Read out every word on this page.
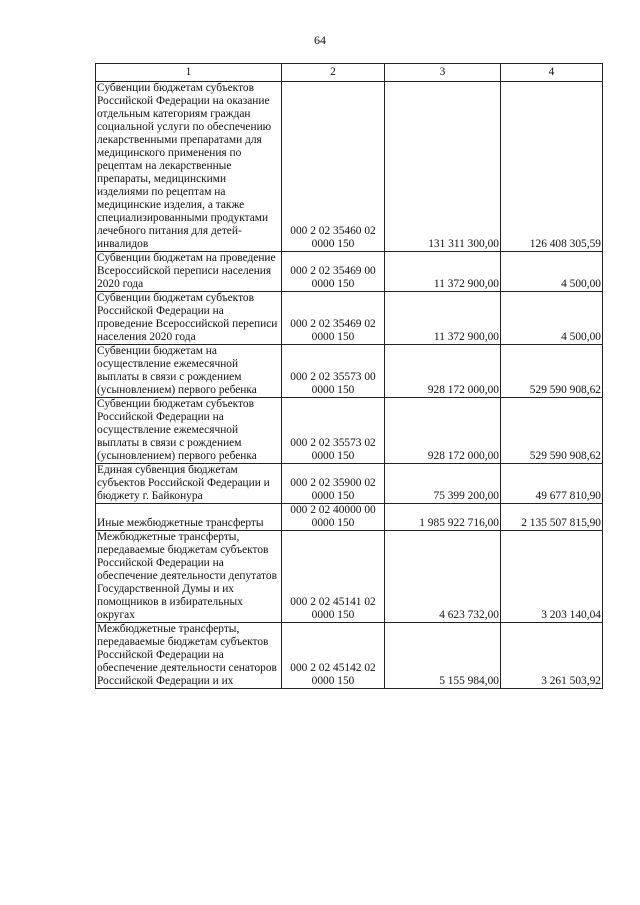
64
1	2	3	4
Субвенции бюджетам субъектов Российской Федерации на оказание отдельным категориям граждан социальной услуги по обеспечению лекарственными препаратами для медицинского применения по рецептам на лекарственные препараты, медицинскими изделиями по рецептам на медицинские изделия, а также специализированными продуктами лечебного питания для детей-инвалидов	000 2 02 35460 02 0000 150	131 311 300,00	126 408 305,59
Субвенции бюджетам на проведение Всероссийской переписи населения 2020 года	000 2 02 35469 00 0000 150	11 372 900,00	4 500,00
Субвенции бюджетам субъектов Российской Федерации на проведение Всероссийской переписи населения 2020 года	000 2 02 35469 02 0000 150	11 372 900,00	4 500,00
Субвенции бюджетам на осуществление ежемесячной выплаты в связи с рождением (усыновлением) первого ребенка	000 2 02 35573 00 0000 150	928 172 000,00	529 590 908,62
Субвенции бюджетам субъектов Российской Федерации на осуществление ежемесячной выплаты в связи с рождением (усыновлением) первого ребенка	000 2 02 35573 02 0000 150	928 172 000,00	529 590 908,62
Единая субвенция бюджетам субъектов Российской Федерации и бюджету г. Байконура	000 2 02 35900 02 0000 150	75 399 200,00	49 677 810,90
Иные межбюджетные трансферты	000 2 02 40000 00 0000 150	1 985 922 716,00	2 135 507 815,90
Межбюджетные трансферты, передаваемые бюджетам субъектов Российской Федерации на обеспечение деятельности депутатов Государственной Думы и их помощников в избирательных округах	000 2 02 45141 02 0000 150	4 623 732,00	3 203 140,04
Межбюджетные трансферты, передаваемые бюджетам субъектов Российской Федерации на обеспечение деятельности сенаторов Российской Федерации и их	000 2 02 45142 02 0000 150	5 155 984,00	3 261 503,92
